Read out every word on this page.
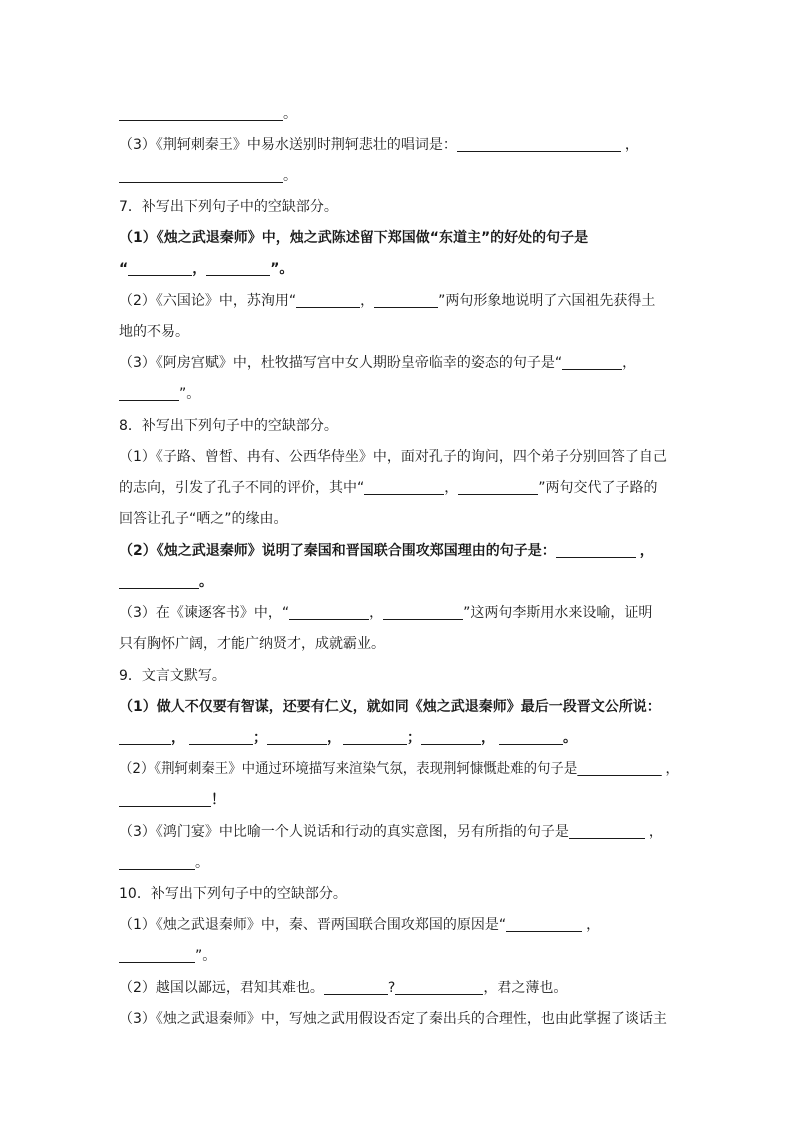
。
（3）《荆轲刺秦王》中易水送别时荆轲悲壮的唱词是：	，
。
7．补写出下列句子中的空缺部分。
（1）《烛之武退秦师》中，烛之武陈述留下郑国做“东道主”的好处的句子是
“	，	”。
（2）《六国论》中，苏洵用“	，	”两句形象地说明了六国祖先获得土
地的不易。
（3）《阿房宫赋》中，杜牧描写宫中女人期盼皇帝临幸的姿态的句子是“	，
”。
8．补写出下列句子中的空缺部分。
（1）《子路、曾皙、冉有、公西华侍坐》中，面对孔子的询问，四个弟子分别回答了自己
的志向，引发了孔子不同的评价，其中“	，	”两句交代了子路的
回答让孔子“哂之”的缘由。
（2）《烛之武退秦师》说明了秦国和晋国联合围攻郑国理由的句子是：	，
。
（3）在《谏逐客书》中，“	，	”这两句李斯用水来设喻，证明
只有胸怀广阔，才能广纳贤才，成就霸业。
9．文言文默写。
（1）做人不仅要有智谋，还要有仁义，就如同《烛之武退秦师》最后一段晋文公所说：
，	；	，	；	，	。
（2）《荆轲刺秦王》中通过环境描写来渲染气氛，表现荆轲慷慨赴难的句子是	，
！
（3）《鸿门宴》中比喻一个人说话和行动的真实意图，另有所指的句子是	，
。
10．补写出下列句子中的空缺部分。
（1）《烛之武退秦师》中，秦、晋两国联合围攻郑国的原因是“	，
”。
（2）越国以鄙远，君知其难也。	?	，君之薄也。
（3）《烛之武退秦师》中，写烛之武用假设否定了秦出兵的合理性，也由此掌握了谈话主
